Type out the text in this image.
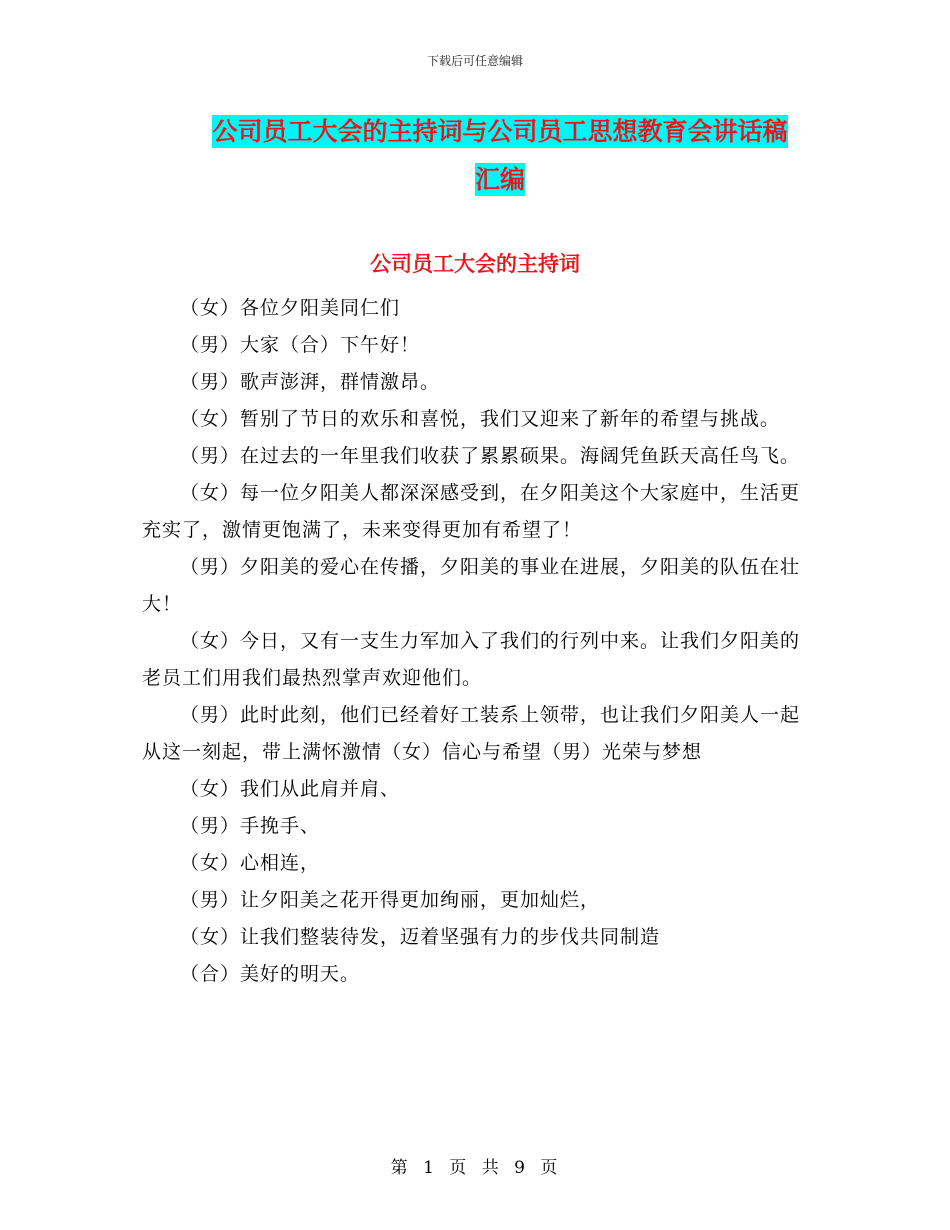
下载后可任意编辑
公司员工大会的主持词与公司员工思想教育会讲话稿
汇编
公司员工大会的主持词

（女）各位夕阳美同仁们

（男）大家（合）下午好！

（男）歌声澎湃，群情激昂。

（女）暂别了节日的欢乐和喜悦，我们又迎来了新年的希望与挑战。

（男）在过去的一年里我们收获了累累硕果。海阔凭鱼跃天高任鸟飞。

（女）每一位夕阳美人都深深感受到，在夕阳美这个大家庭中，生活更充实了，激情更饱满了，未来变得更加有希望了！

（男）夕阳美的爱心在传播，夕阳美的事业在进展，夕阳美的队伍在壮大！

（女）今日，又有一支生力军加入了我们的行列中来。让我们夕阳美的老员工们用我们最热烈掌声欢迎他们。

（男）此时此刻，他们已经着好工装系上领带，也让我们夕阳美人一起从这一刻起，带上满怀激情（女）信心与希望（男）光荣与梦想

（女）我们从此肩并肩、

（男）手挽手、

（女）心相连，

（男）让夕阳美之花开得更加绚丽，更加灿烂，

（女）让我们整装待发，迈着坚强有力的步伐共同制造

（合）美好的明天。

第 1 页 共 9 页
